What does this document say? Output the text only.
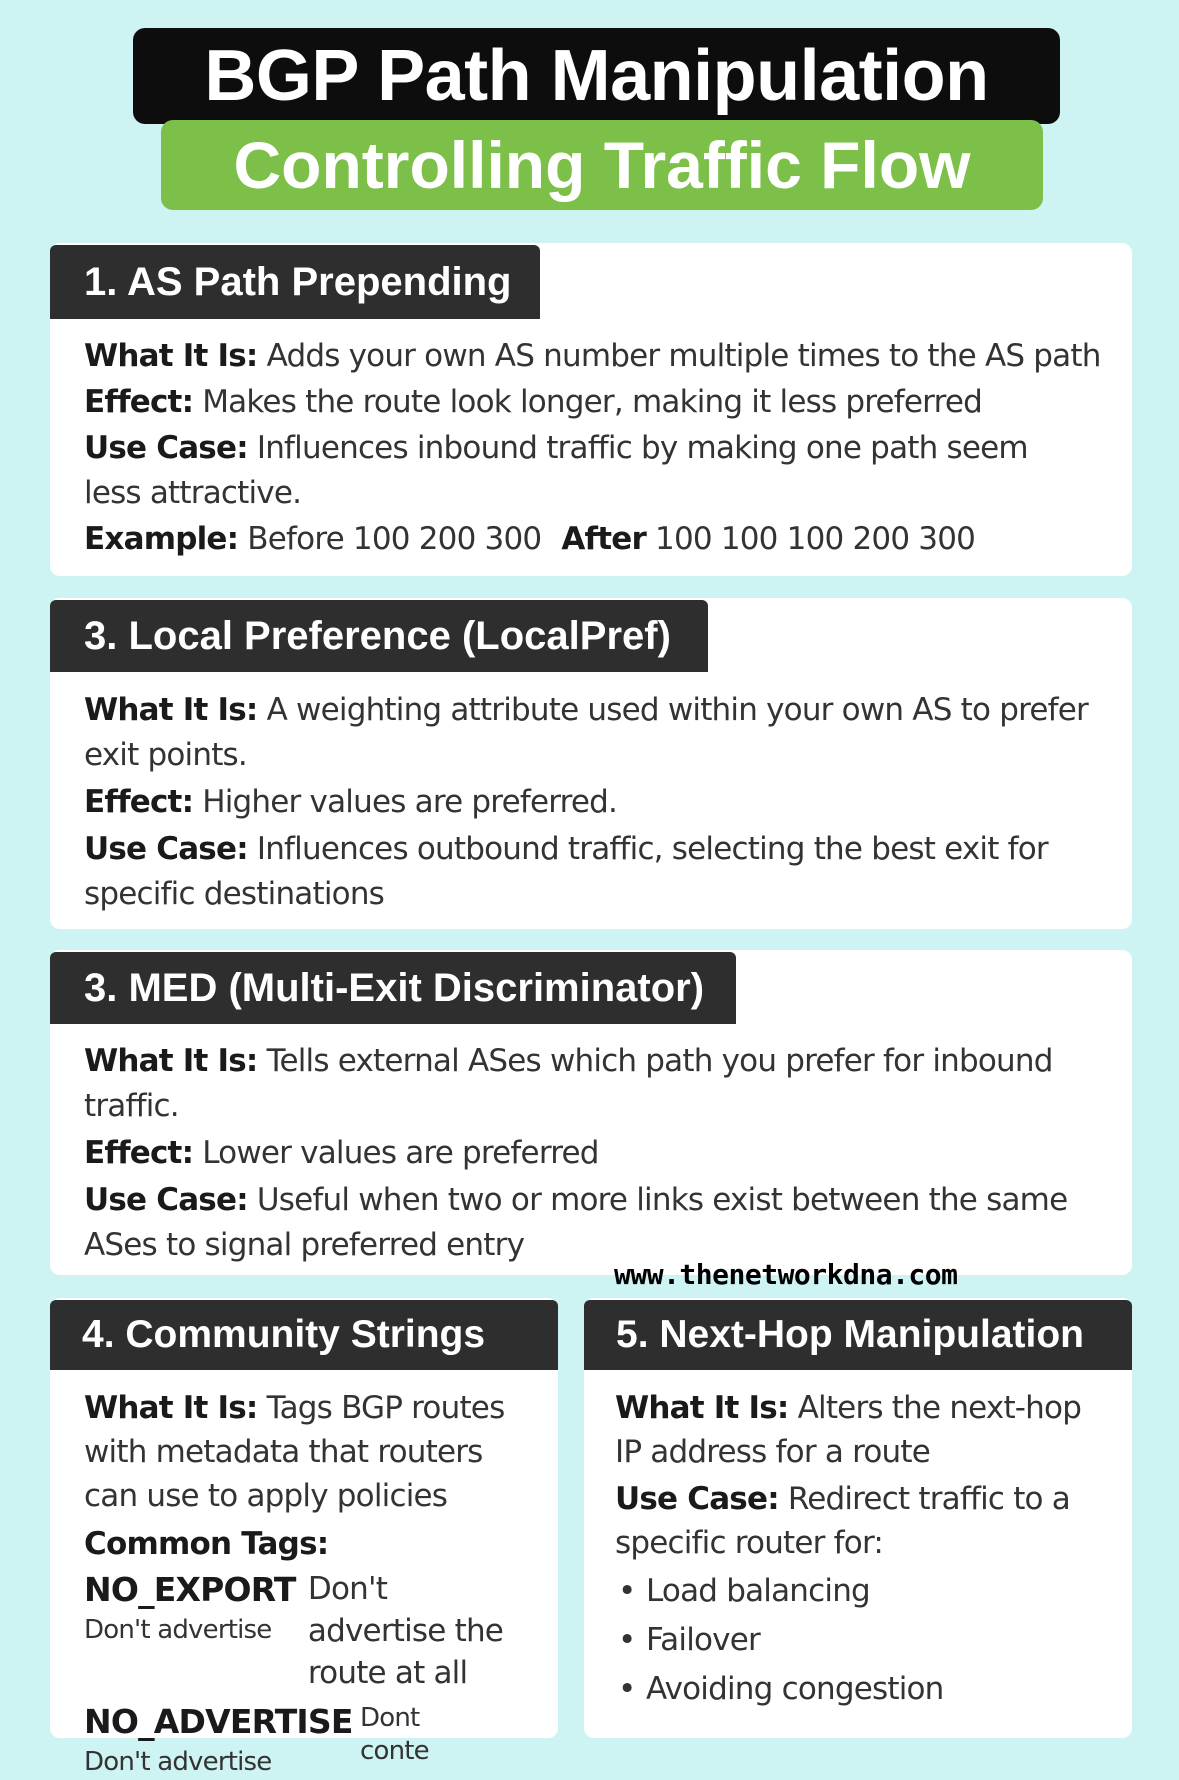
BGP Path Manipulation
Controlling Traffic Flow
1. AS Path Prepending

What It Is: Adds your own AS number multiple times to the AS path

Effect: Makes the route look longer, making it less preferred

Use Case: Influences inbound traffic by making one path seem less attractive.

Example: Before 100 200 300 After 100 100 100 200 300

3. Local Preference (LocalPref)

What It Is: A weighting attribute used within your own AS to prefer exit points.

Effect: Higher values are preferred.

Use Case: Influences outbound traffic, selecting the best exit for specific destinations

3. MED (Multi-Exit Discriminator)

What It Is: Tells external ASes which path you prefer for inbound traffic.

Effect: Lower values are preferred

Use Case: Useful when two or more links exist between the same ASes to signal preferred entry

www.thenetworkdna.com
4. Community Strings

What It Is: Tags BGP routes with metadata that routers can use to apply policies

Common Tags:

NO_EXPORT
Don't advertise
Don't advertise the route at all
NO_ADVERTISE
Don't advertise
Dont conte
5. Next-Hop Manipulation

What It Is: Alters the next-hop IP address for a route

Use Case: Redirect traffic to a specific router for:

• Load balancing
• Failover
• Avoiding congestion
